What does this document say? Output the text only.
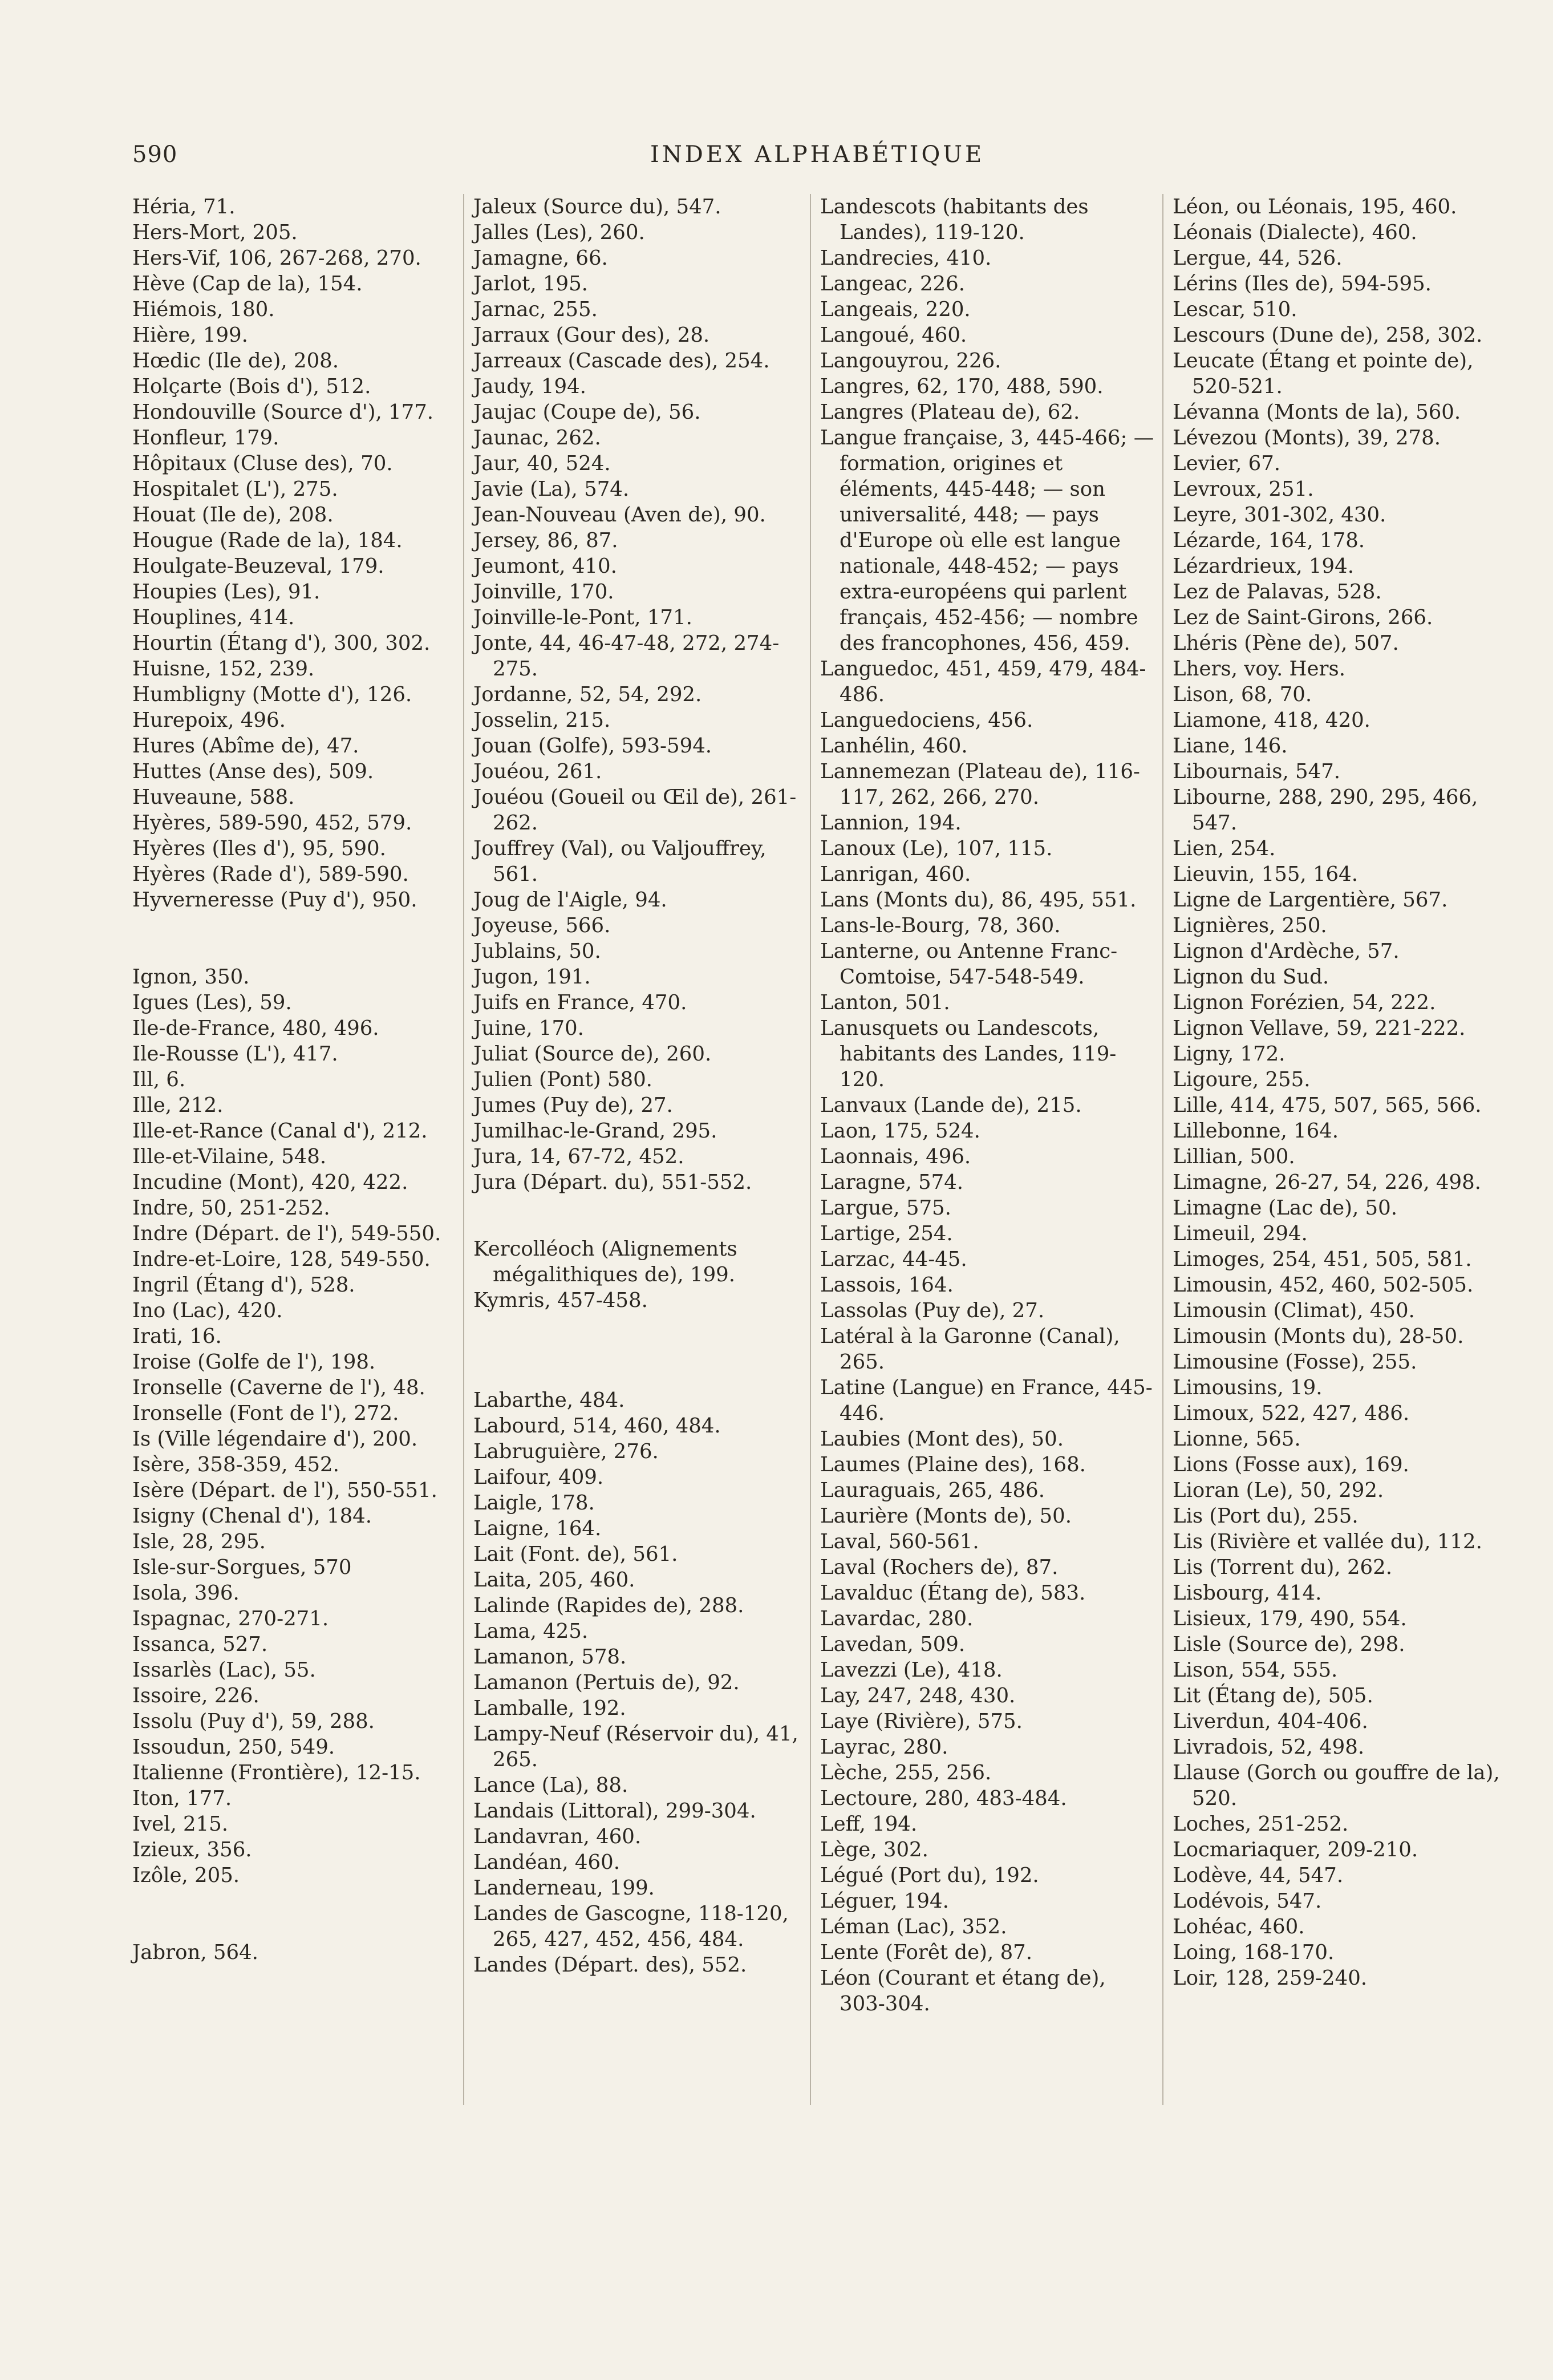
590	INDEX ALPHABÉTIQUE

Héria, 71.

Hers-Mort, 205.

Hers-Vif, 106, 267-268, 270.

Hève (Cap de la), 154.

Hiémois, 180.

Hière, 199.

Hœdic (Ile de), 208.

Holçarte (Bois d'), 512.

Hondouville (Source d'), 177.

Honfleur, 179.

Hôpitaux (Cluse des), 70.

Hospitalet (L'), 275.

Houat (Ile de), 208.

Hougue (Rade de la), 184.

Houlgate-Beuzeval, 179.

Houpies (Les), 91.

Houplines, 414.

Hourtin (Étang d'), 300, 302.

Huisne, 152, 239.

Humbligny (Motte d'), 126.

Hurepoix, 496.

Hures (Abîme de), 47.

Huttes (Anse des), 509.

Huveaune, 588.

Hyères, 589-590, 452, 579.

Hyères (Iles d'), 95, 590.

Hyères (Rade d'), 589-590.

Hyverneresse (Puy d'), 950.

Ignon, 350.

Igues (Les), 59.

Ile-de-France, 480, 496.

Ile-Rousse (L'), 417.

Ill, 6.

Ille, 212.

Ille-et-Rance (Canal d'), 212.

Ille-et-Vilaine, 548.

Incudine (Mont), 420, 422.

Indre, 50, 251-252.

Indre (Départ. de l'), 549-550.

Indre-et-Loire, 128, 549-550.

Ingril (Étang d'), 528.

Ino (Lac), 420.

Irati, 16.

Iroise (Golfe de l'), 198.

Ironselle (Caverne de l'), 48.

Ironselle (Font de l'), 272.

Is (Ville légendaire d'), 200.

Isère, 358-359, 452.

Isère (Départ. de l'), 550-551.

Isigny (Chenal d'), 184.

Isle, 28, 295.

Isle-sur-Sorgues, 570

Isola, 396.

Ispagnac, 270-271.

Issanca, 527.

Issarlès (Lac), 55.

Issoire, 226.

Issolu (Puy d'), 59, 288.

Issoudun, 250, 549.

Italienne (Frontière), 12-15.

Iton, 177.

Ivel, 215.

Izieux, 356.

Izôle, 205.

Jabron, 564.

Jaleux (Source du), 547.

Jalles (Les), 260.

Jamagne, 66.

Jarlot, 195.

Jarnac, 255.

Jarraux (Gour des), 28.

Jarreaux (Cascade des), 254.

Jaudy, 194.

Jaujac (Coupe de), 56.

Jaunac, 262.

Jaur, 40, 524.

Javie (La), 574.

Jean-Nouveau (Aven de), 90.

Jersey, 86, 87.

Jeumont, 410.

Joinville, 170.

Joinville-le-Pont, 171.

Jonte, 44, 46-47-48, 272, 274-275.

Jordanne, 52, 54, 292.

Josselin, 215.

Jouan (Golfe), 593-594.

Jouéou, 261.

Jouéou (Goueil ou Œil de), 261-262.

Jouffrey (Val), ou Valjouffrey, 561.

Joug de l'Aigle, 94.

Joyeuse, 566.

Jublains, 50.

Jugon, 191.

Juifs en France, 470.

Juine, 170.

Juliat (Source de), 260.

Julien (Pont) 580.

Jumes (Puy de), 27.

Jumilhac-le-Grand, 295.

Jura, 14, 67-72, 452.

Jura (Départ. du), 551-552.

Kercolléoch (Alignements mégalithiques de), 199.

Kymris, 457-458.

Labarthe, 484.

Labourd, 514, 460, 484.

Labruguière, 276.

Laifour, 409.

Laigle, 178.

Laigne, 164.

Lait (Font. de), 561.

Laita, 205, 460.

Lalinde (Rapides de), 288.

Lama, 425.

Lamanon, 578.

Lamanon (Pertuis de), 92.

Lamballe, 192.

Lampy-Neuf (Réservoir du), 41, 265.

Lance (La), 88.

Landais (Littoral), 299-304.

Landavran, 460.

Landéan, 460.

Landerneau, 199.

Landes de Gascogne, 118-120, 265, 427, 452, 456, 484.

Landes (Départ. des), 552.

Landescots (habitants des Landes), 119-120.

Landrecies, 410.

Langeac, 226.

Langeais, 220.

Langoué, 460.

Langouyrou, 226.

Langres, 62, 170, 488, 590.

Langres (Plateau de), 62.

Langue française, 3, 445-466; — formation, origines et éléments, 445-448; — son universalité, 448; — pays d'Europe où elle est langue nationale, 448-452; — pays extra-européens qui parlent français, 452-456; — nombre des francophones, 456, 459.

Languedoc, 451, 459, 479, 484-486.

Languedociens, 456.

Lanhélin, 460.

Lannemezan (Plateau de), 116-117, 262, 266, 270.

Lannion, 194.

Lanoux (Le), 107, 115.

Lanrigan, 460.

Lans (Monts du), 86, 495, 551.

Lans-le-Bourg, 78, 360.

Lanterne, ou Antenne Franc-Comtoise, 547-548-549.

Lanton, 501.

Lanusquets ou Landescots, habitants des Landes, 119-120.

Lanvaux (Lande de), 215.

Laon, 175, 524.

Laonnais, 496.

Laragne, 574.

Largue, 575.

Lartige, 254.

Larzac, 44-45.

Lassois, 164.

Lassolas (Puy de), 27.

Latéral à la Garonne (Canal), 265.

Latine (Langue) en France, 445-446.

Laubies (Mont des), 50.

Laumes (Plaine des), 168.

Lauraguais, 265, 486.

Laurière (Monts de), 50.

Laval, 560-561.

Laval (Rochers de), 87.

Lavalduc (Étang de), 583.

Lavardac, 280.

Lavedan, 509.

Lavezzi (Le), 418.

Lay, 247, 248, 430.

Laye (Rivière), 575.

Layrac, 280.

Lèche, 255, 256.

Lectoure, 280, 483-484.

Leff, 194.

Lège, 302.

Légué (Port du), 192.

Léguer, 194.

Léman (Lac), 352.

Lente (Forêt de), 87.

Léon (Courant et étang de), 303-304.

Léon, ou Léonais, 195, 460.

Léonais (Dialecte), 460.

Lergue, 44, 526.

Lérins (Iles de), 594-595.

Lescar, 510.

Lescours (Dune de), 258, 302.

Leucate (Étang et pointe de), 520-521.

Lévanna (Monts de la), 560.

Lévezou (Monts), 39, 278.

Levier, 67.

Levroux, 251.

Leyre, 301-302, 430.

Lézarde, 164, 178.

Lézardrieux, 194.

Lez de Palavas, 528.

Lez de Saint-Girons, 266.

Lhéris (Pène de), 507.

Lhers, voy. Hers.

Lison, 68, 70.

Liamone, 418, 420.

Liane, 146.

Libournais, 547.

Libourne, 288, 290, 295, 466, 547.

Lien, 254.

Lieuvin, 155, 164.

Ligne de Largentière, 567.

Lignières, 250.

Lignon d'Ardèche, 57.

Lignon du Sud.

Lignon Forézien, 54, 222.

Lignon Vellave, 59, 221-222.

Ligny, 172.

Ligoure, 255.

Lille, 414, 475, 507, 565, 566.

Lillebonne, 164.

Lillian, 500.

Limagne, 26-27, 54, 226, 498.

Limagne (Lac de), 50.

Limeuil, 294.

Limoges, 254, 451, 505, 581.

Limousin, 452, 460, 502-505.

Limousin (Climat), 450.

Limousin (Monts du), 28-50.

Limousine (Fosse), 255.

Limousins, 19.

Limoux, 522, 427, 486.

Lionne, 565.

Lions (Fosse aux), 169.

Lioran (Le), 50, 292.

Lis (Port du), 255.

Lis (Rivière et vallée du), 112.

Lis (Torrent du), 262.

Lisbourg, 414.

Lisieux, 179, 490, 554.

Lisle (Source de), 298.

Lison, 554, 555.

Lit (Étang de), 505.

Liverdun, 404-406.

Livradois, 52, 498.

Llause (Gorch ou gouffre de la), 520.

Loches, 251-252.

Locmariaquer, 209-210.

Lodève, 44, 547.

Lodévois, 547.

Lohéac, 460.

Loing, 168-170.

Loir, 128, 259-240.
